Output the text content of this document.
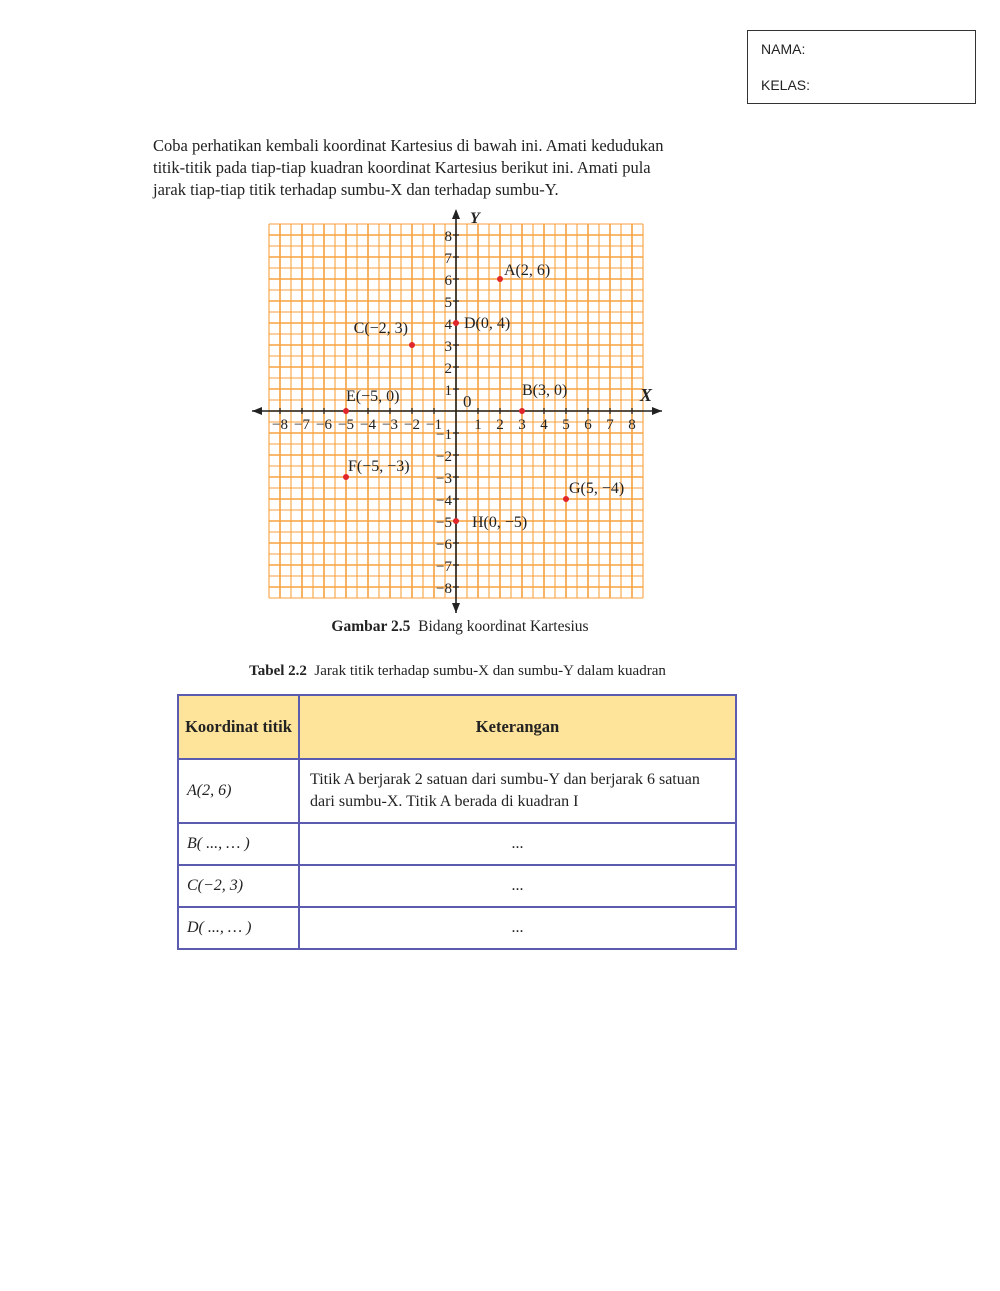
NAMA:
KELAS:

Coba perhatikan kembali koordinat Kartesius di bawah ini. Amati kedudukan

titik-titik pada tiap-tiap kuadran koordinat Kartesius berikut ini. Amati pula

jarak tiap-tiap titik terhadap sumbu-X dan terhadap sumbu-Y.

X
Y
0
−8 −7 −6 −5 −4 −3 −2 −1 1 2 3 4 5 6 7 8
−8
−7
−6
−5
−4
−3
−2
−1
1
2
3
4
5
6
7
8
A(2, 6)
B(3, 0)
C(−2, 3)	D(0, 4)
E(−5, 0)
F(−5, −3)
G(5, −4)
H(0, −5)
Gambar 2.5 Bidang koordinat Kartesius
Tabel 2.2 Jarak titik terhadap sumbu-X dan sumbu-Y dalam kuadran
Koordinat titik	Keterangan
A(2, 6)	Titik A berjarak 2 satuan dari sumbu-Y dan berjarak 6 satuan dari sumbu-X. Titik A berada di kuadran I
B( ..., … )	...
C(−2, 3)	...
D( ..., … )	...
